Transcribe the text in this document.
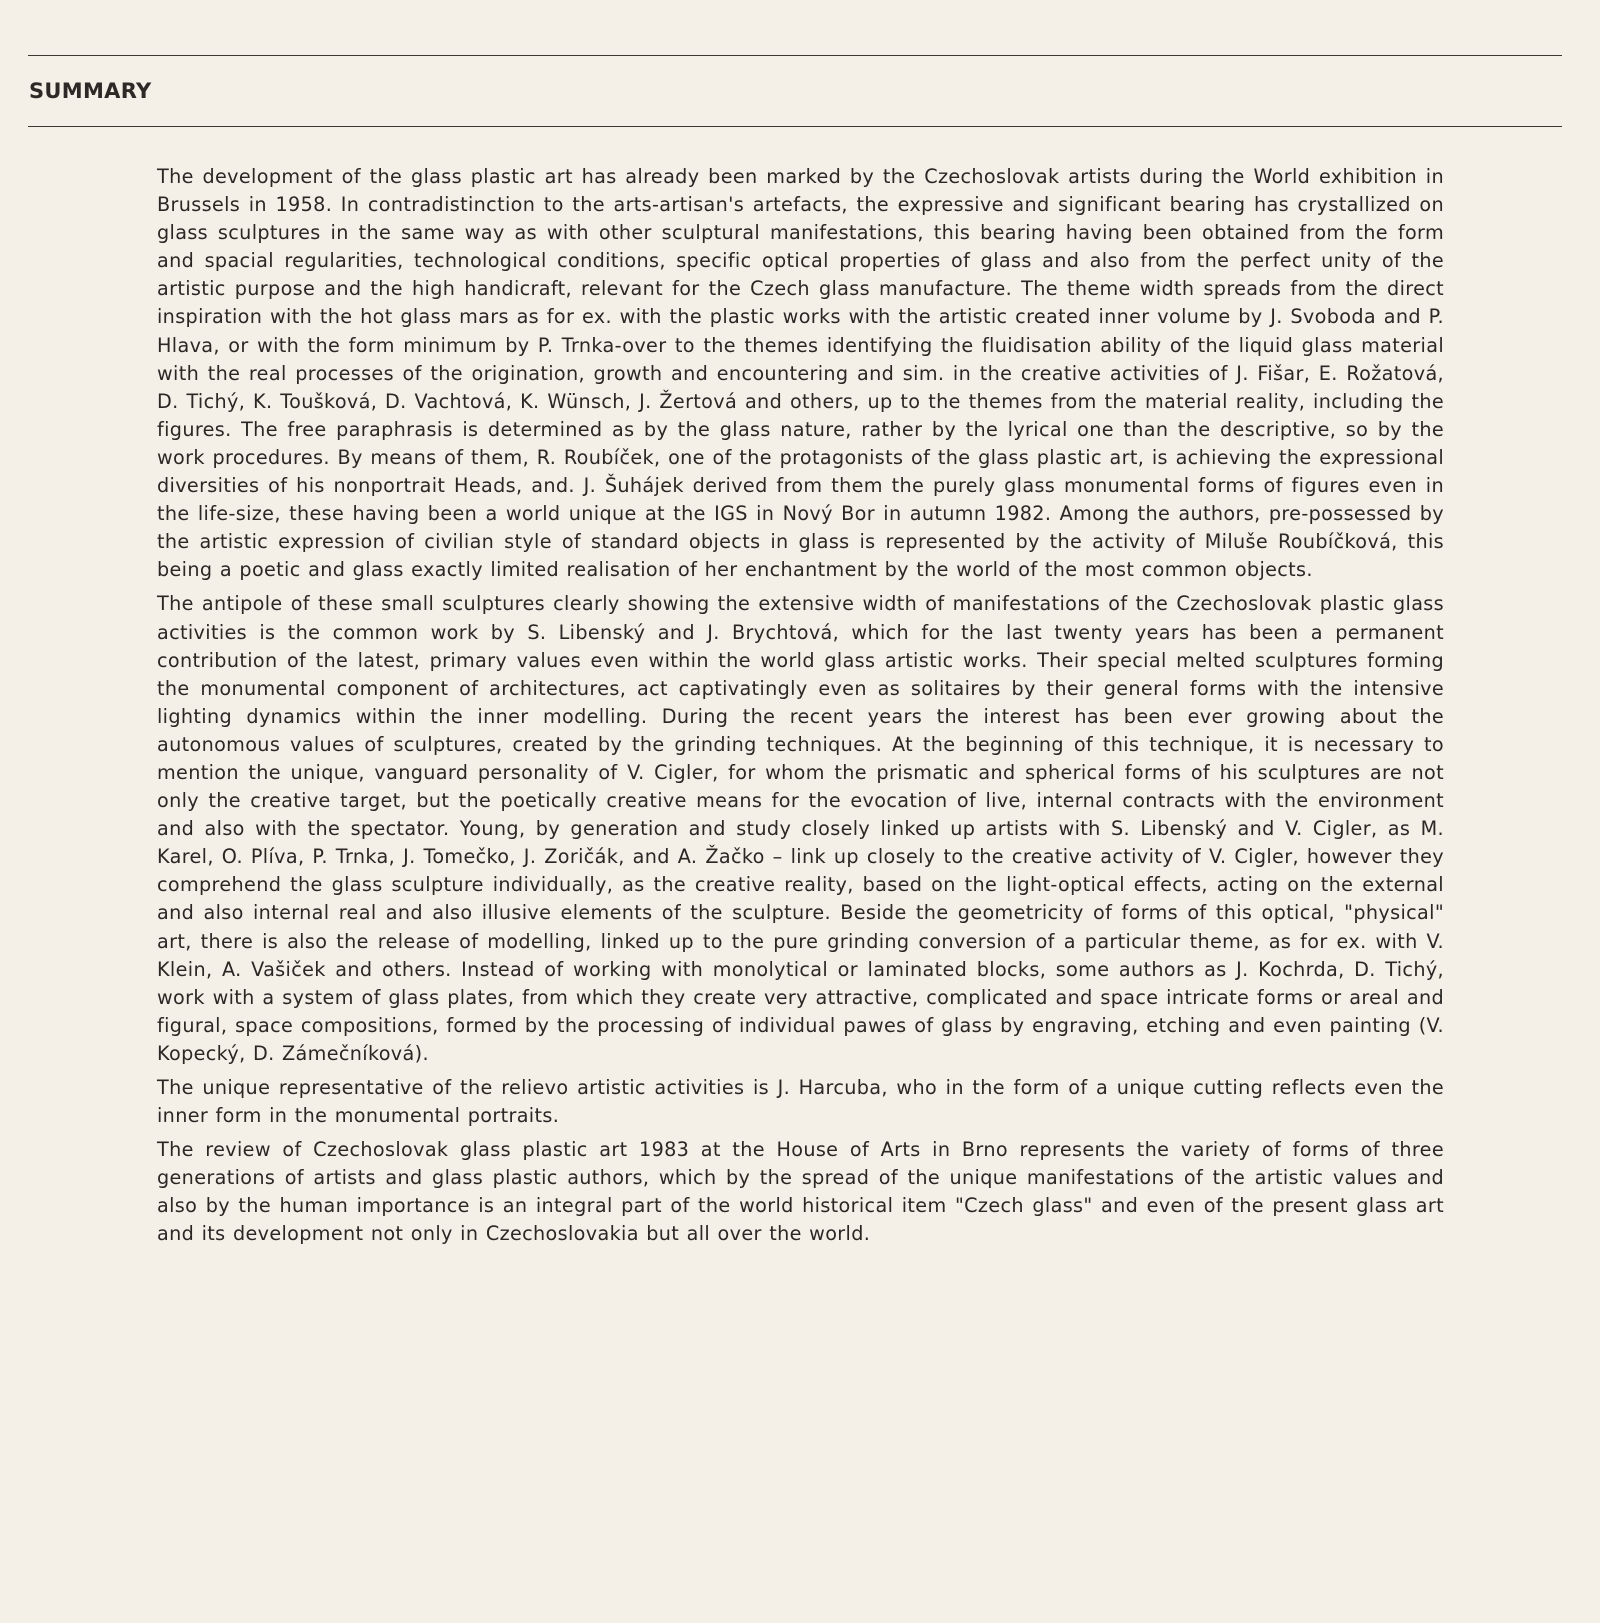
SUMMARY

The development of the glass plastic art has already been marked by the Czechoslovak artists during the World exhibition in Brussels in 1958. In contradistinction to the arts-artisan's artefacts, the expressive and significant bearing has crystallized on glass sculptures in the same way as with other sculptural manifestations, this bearing having been obtained from the form and spacial regularities, technological conditions, specific optical properties of glass and also from the perfect unity of the artistic purpose and the high handicraft, relevant for the Czech glass manufacture. The theme width spreads from the direct inspiration with the hot glass mars as for ex. with the plastic works with the artistic created inner volume by J. Svoboda and P. Hlava, or with the form minimum by P. Trnka-over to the themes identifying the fluidisation ability of the liquid glass material with the real processes of the origination, growth and encountering and sim. in the creative activities of J. Fišar, E. Rožatová, D. Tichý, K. Toušková, D. Vachtová, K. Wünsch, J. Žertová and others, up to the themes from the material reality, including the figures. The free paraphrasis is determined as by the glass nature, rather by the lyrical one than the descriptive, so by the work procedures. By means of them, R. Roubíček, one of the protagonists of the glass plastic art, is achieving the expressional diversities of his nonportrait Heads, and. J. Šuhájek derived from them the purely glass monumental forms of figures even in the life-size, these having been a world unique at the IGS in Nový Bor in autumn 1982. Among the authors, pre-possessed by the artistic expression of civilian style of standard objects in glass is represented by the activity of Miluše Roubíčková, this being a poetic and glass exactly limited realisation of her enchantment by the world of the most common objects.

The antipole of these small sculptures clearly showing the extensive width of manifestations of the Czechoslovak plastic glass activities is the common work by S. Libenský and J. Brychtová, which for the last twenty years has been a permanent contribution of the latest, primary values even within the world glass artistic works. Their special melted sculptures forming the monumental component of architectures, act captivatingly even as solitaires by their general forms with the intensive lighting dynamics within the inner modelling. During the recent years the interest has been ever growing about the autonomous values of sculptures, created by the grinding techniques. At the beginning of this technique, it is necessary to mention the unique, vanguard personality of V. Cigler, for whom the prismatic and spherical forms of his sculptures are not only the creative target, but the poetically creative means for the evocation of live, internal contracts with the environment and also with the spectator. Young, by generation and study closely linked up artists with S. Libenský and V. Cigler, as M. Karel, O. Plíva, P. Trnka, J. Tomečko, J. Zoričák, and A. Žačko – link up closely to the creative activity of V. Cigler, however they comprehend the glass sculpture individually, as the creative reality, based on the light-optical effects, acting on the external and also internal real and also illusive elements of the sculpture. Beside the geometricity of forms of this optical, "physical" art, there is also the release of modelling, linked up to the pure grinding conversion of a particular theme, as for ex. with V. Klein, A. Vašiček and others. Instead of working with monolytical or laminated blocks, some authors as J. Kochrda, D. Tichý, work with a system of glass plates, from which they create very attractive, complicated and space intricate forms or areal and figural, space compositions, formed by the processing of individual pawes of glass by engraving, etching and even painting (V. Kopecký, D. Zámečníková).

The unique representative of the relievo artistic activities is J. Harcuba, who in the form of a unique cutting reflects even the inner form in the monumental portraits.

The review of Czechoslovak glass plastic art 1983 at the House of Arts in Brno represents the variety of forms of three generations of artists and glass plastic authors, which by the spread of the unique manifestations of the artistic values and also by the human importance is an integral part of the world historical item "Czech glass" and even of the present glass art and its development not only in Czechoslovakia but all over the world.
